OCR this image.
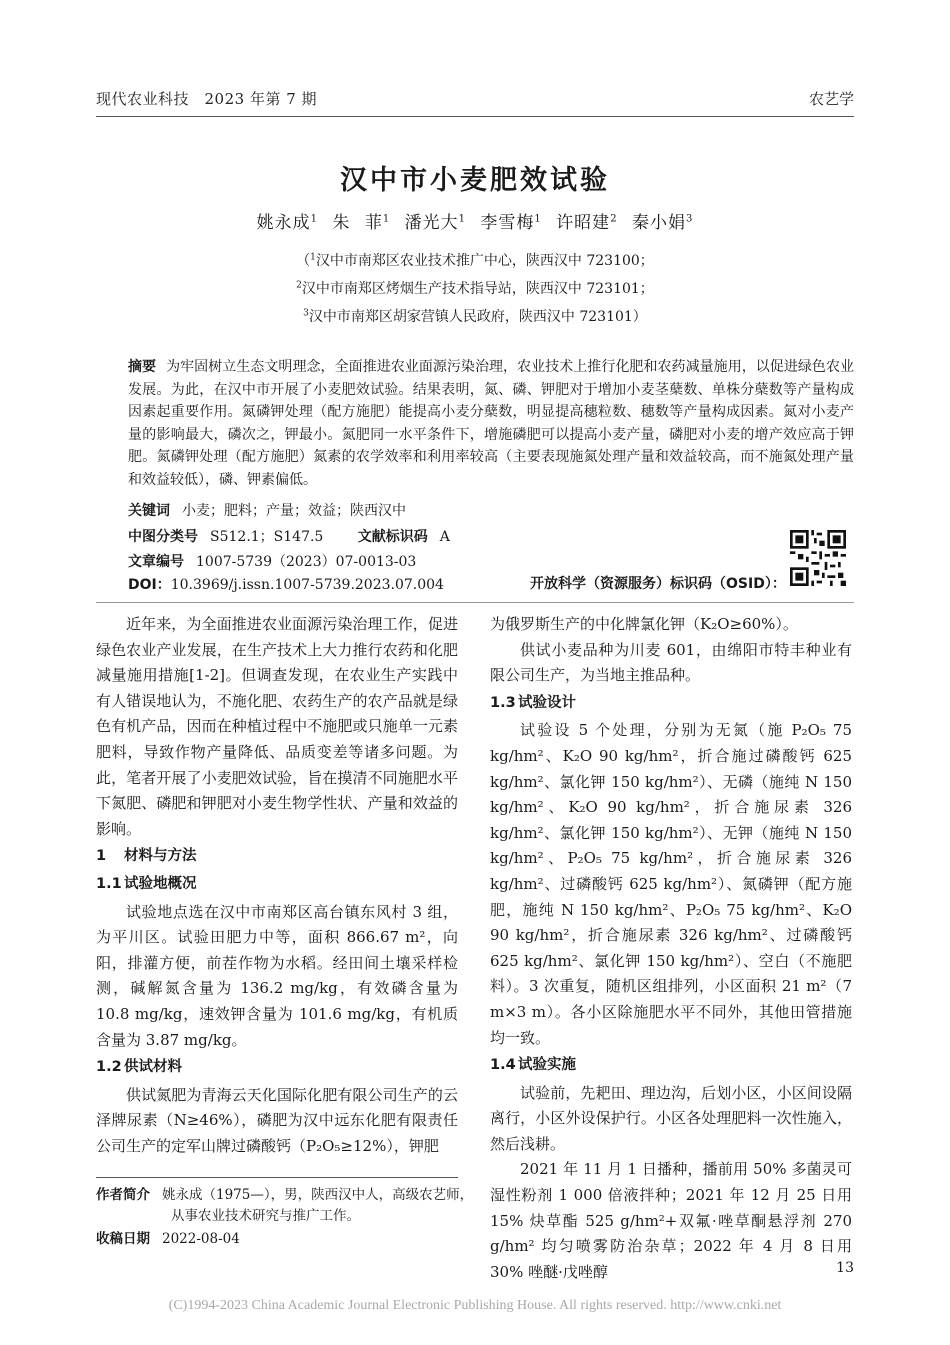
现代农业科技　2023 年第 7 期	农艺学
汉中市小麦肥效试验
姚永成$^1$ 朱 菲$^1$ 潘光大$^1$ 李雪梅$^1$ 许昭建$^2$ 秦小娟$^3$
（$^1$汉中市南郑区农业技术推广中心，陕西汉中 723100；
$^2$汉中市南郑区烤烟生产技术指导站，陕西汉中 723101；
$^3$汉中市南郑区胡家营镇人民政府，陕西汉中 723101）
摘要 为牢固树立生态文明理念，全面推进农业面源污染治理，农业技术上推行化肥和农药减量施用，以促进绿色农业发展。为此，在汉中市开展了小麦肥效试验。结果表明，氮、磷、钾肥对于增加小麦茎蘖数、单株分蘖数等产量构成因素起重要作用。氮磷钾处理（配方施肥）能提高小麦分蘖数，明显提高穗粒数、穗数等产量构成因素。氮对小麦产量的影响最大，磷次之，钾最小。氮肥同一水平条件下，增施磷肥可以提高小麦产量，磷肥对小麦的增产效应高于钾肥。氮磷钾处理（配方施肥）氮素的农学效率和利用率较高（主要表现施氮处理产量和效益较高，而不施氮处理产量和效益较低），磷、钾素偏低。
关键词 小麦；肥料；产量；效益；陕西汉中
中图分类号 S512.1；S147.5 文献标识码 A
文章编号 1007-5739（2023）07-0013-03
DOI：10.3969/j.issn.1007-5739.2023.07.004	开放科学（资源服务）标识码（OSID）：

近年来，为全面推进农业面源污染治理工作，促进绿色农业产业发展，在生产技术上大力推行农药和化肥减量施用措施[1-2]。但调查发现，在农业生产实践中有人错误地认为，不施化肥、农药生产的农产品就是绿色有机产品，因而在种植过程中不施肥或只施单一元素肥料，导致作物产量降低、品质变差等诸多问题。为此，笔者开展了小麦肥效试验，旨在摸清不同施肥水平下氮肥、磷肥和钾肥对小麦生物学性状、产量和效益的影响。

1 材料与方法
1.1 试验地概况

试验地点选在汉中市南郑区高台镇东风村 3 组，为平川区。试验田肥力中等，面积 866.67 m²，向阳，排灌方便，前茬作物为水稻。经田间土壤采样检测，碱解氮含量为 136.2 mg/kg，有效磷含量为 10.8 mg/kg，速效钾含量为 101.6 mg/kg，有机质含量为 3.87 mg/kg。

1.2 供试材料

供试氮肥为青海云天化国际化肥有限公司生产的云泽牌尿素（N≥46%），磷肥为汉中远东化肥有限责任公司生产的定军山牌过磷酸钙（P₂O₅≥12%），钾肥

为俄罗斯生产的中化牌氯化钾（K₂O≥60%）。

供试小麦品种为川麦 601，由绵阳市特丰种业有限公司生产，为当地主推品种。

1.3 试验设计

试验设 5 个处理，分别为无氮（施 P₂O₅ 75 kg/hm²、K₂O 90 kg/hm²，折合施过磷酸钙 625 kg/hm²、氯化钾 150 kg/hm²）、无磷（施纯 N 150 kg/hm²、K₂O 90 kg/hm²，折合施尿素 326 kg/hm²、氯化钾 150 kg/hm²）、无钾（施纯 N 150 kg/hm²、P₂O₅ 75 kg/hm²，折合施尿素 326 kg/hm²、过磷酸钙 625 kg/hm²）、氮磷钾（配方施肥，施纯 N 150 kg/hm²、P₂O₅ 75 kg/hm²、K₂O 90 kg/hm²，折合施尿素 326 kg/hm²、过磷酸钙 625 kg/hm²、氯化钾 150 kg/hm²）、空白（不施肥料）。3 次重复，随机区组排列，小区面积 21 m²（7 m×3 m）。各小区除施肥水平不同外，其他田管措施均一致。

1.4 试验实施

试验前，先耙田、理边沟，后划小区，小区间设隔离行，小区外设保护行。小区各处理肥料一次性施入，然后浅耕。

2021 年 11 月 1 日播种，播前用 50% 多菌灵可湿性粉剂 1 000 倍液拌种；2021 年 12 月 25 日用 15% 炔草酯 525 g/hm²+双氟·唑草酮悬浮剂 270 g/hm² 均匀喷雾防治杂草；2022 年 4 月 8 日用 30% 唑醚·戊唑醇

作者简介 姚永成（1975—），男，陕西汉中人，高级农艺师，
从事农业技术研究与推广工作。
收稿日期 2022-08-04
13
(C)1994-2023 China Academic Journal Electronic Publishing House. All rights reserved. http://www.cnki.net
